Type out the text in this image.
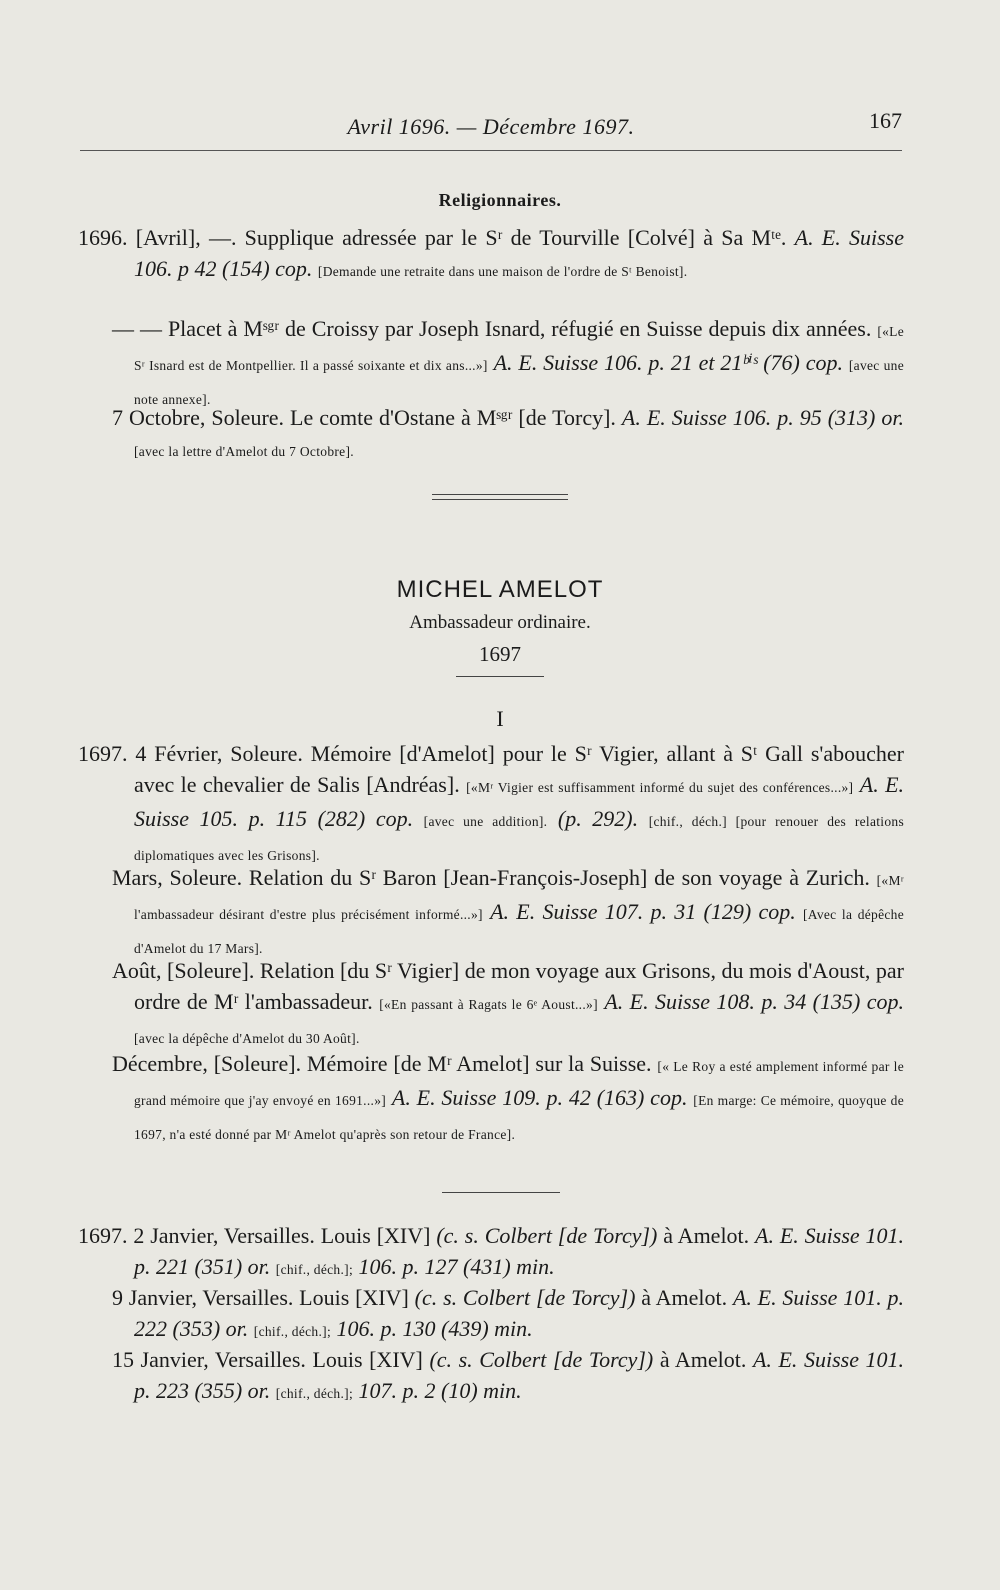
Avril 1696. — Décembre 1697.	167
Religionnaires.
1696. [Avril], —. Supplique adressée par le Sʳ de Tourville [Colvé] à Sa Mᵗᵉ. A. E. Suisse 106. p 42 (154) cop. [Demande une retraite dans une maison de l'ordre de Sᵗ Benoist].
— — Placet à Mˢᵍʳ de Croissy par Joseph Isnard, réfugié en Suisse depuis dix années. [«Le Sʳ Isnard est de Montpellier. Il a passé soixante et dix ans...»] A. E. Suisse 106. p. 21 et 21ᵇⁱˢ (76) cop. [avec une note annexe].
7 Octobre, Soleure. Le comte d'Ostane à Mˢᵍʳ [de Torcy]. A. E. Suisse 106. p. 95 (313) or. [avec la lettre d'Amelot du 7 Octobre].
MICHEL AMELOT
Ambassadeur ordinaire.
1697
I
1697. 4 Février, Soleure. Mémoire [d'Amelot] pour le Sʳ Vigier, allant à Sᵗ Gall s'aboucher avec le chevalier de Salis [Andréas]. [«Mʳ Vigier est suffisamment informé du sujet des conférences...»] A. E. Suisse 105. p. 115 (282) cop. [avec une addition]. (p. 292). [chif., déch.] [pour renouer des relations diplomatiques avec les Grisons].
Mars, Soleure. Relation du Sʳ Baron [Jean-François-Joseph] de son voyage à Zurich. [«Mʳ l'ambassadeur désirant d'estre plus précisément informé...»] A. E. Suisse 107. p. 31 (129) cop. [Avec la dépêche d'Amelot du 17 Mars].
Août, [Soleure]. Relation [du Sʳ Vigier] de mon voyage aux Grisons, du mois d'Aoust, par ordre de Mʳ l'ambassadeur. [«En passant à Ragats le 6ᵉ Aoust...»] A. E. Suisse 108. p. 34 (135) cop. [avec la dépêche d'Amelot du 30 Août].
Décembre, [Soleure]. Mémoire [de Mʳ Amelot] sur la Suisse. [« Le Roy a esté amplement informé par le grand mémoire que j'ay envoyé en 1691...»] A. E. Suisse 109. p. 42 (163) cop. [En marge: Ce mémoire, quoyque de 1697, n'a esté donné par Mʳ Amelot qu'après son retour de France].
1697. 2 Janvier, Versailles. Louis [XIV] (c. s. Colbert [de Torcy]) à Amelot. A. E. Suisse 101. p. 221 (351) or. [chif., déch.]; 106. p. 127 (431) min.
9 Janvier, Versailles. Louis [XIV] (c. s. Colbert [de Torcy]) à Amelot. A. E. Suisse 101. p. 222 (353) or. [chif., déch.]; 106. p. 130 (439) min.
15 Janvier, Versailles. Louis [XIV] (c. s. Colbert [de Torcy]) à Amelot. A. E. Suisse 101. p. 223 (355) or. [chif., déch.]; 107. p. 2 (10) min.
